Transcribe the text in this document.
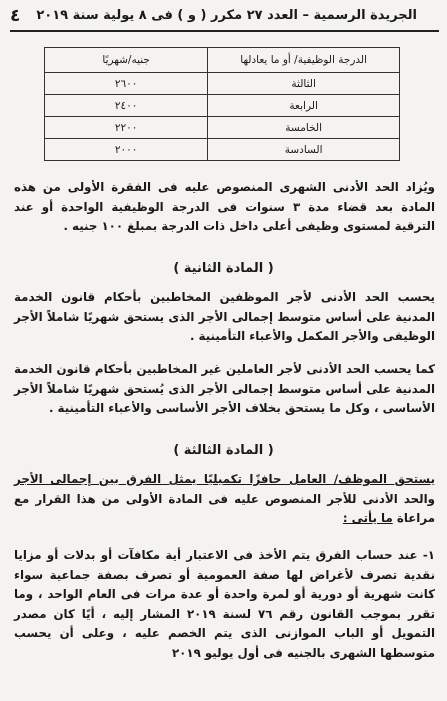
٤ الجريدة الرسمية – العدد ٢٧ مكرر ( و ) فى ٨ يولية سنة ٢٠١٩
الدرجة الوظيفية/ أو ما يعادلها	جنيه/شهريًا
الثالثة	٢٦٠٠
الرابعة	٢٤٠٠
الخامسة	٢٢٠٠
السادسة	٢٠٠٠

ويُزاد الحد الأدنى الشهرى المنصوص عليه فى الفقرة الأولى من هذه المادة بعد قضاء مدة ٣ سنوات فى الدرجة الوظيفية الواحدة أو عند الترقية لمستوى وظيفى أعلى داخل ذات الدرجة بمبلغ ١٠٠ جنيه .

( المادة الثانية )

يحسب الحد الأدنى لأجر الموظفين المخاطبين بأحكام قانون الخدمة المدنية على أساس متوسط إجمالى الأجر الذى يستحق شهريًا شاملاً الأجر الوظيفى والأجر المكمل والأعباء التأمينية .

كما يحسب الحد الأدنى لأجر العاملين غير المخاطبين بأحكام قانون الخدمة المدنية على أساس متوسط إجمالى الأجر الذى يُستحق شهريًا شاملاً الأجر الأساسى ، وكل ما يستحق بخلاف الأجر الأساسى والأعباء التأمينية .

( المادة الثالثة )

يستحق الموظف/ العامل حافزًا تكميليًا يمثل الفرق بين إجمالى الأجر والحد الأدنى للأجر المنصوص عليه فى المادة الأولى من هذا القرار مع مراعاة ما يأتى :

١- عند حساب الفرق يتم الأخذ فى الاعتبار أية مكافآت أو بدلات أو مزايا نقدية تصرف لأغراض لها صفة العمومية أو تصرف بصفة جماعية سواء كانت شهرية أو دورية أو لمرة واحدة أو عدة مرات فى العام الواحد ، وما تقرر بموجب القانون رقم ٧٦ لسنة ٢٠١٩ المشار إليه ، أيًا كان مصدر التمويل أو الباب الموازنى الذى يتم الخصم عليه ، وعلى أن يحسب متوسطها الشهرى بالجنيه فى أول يوليو ٢٠١٩
